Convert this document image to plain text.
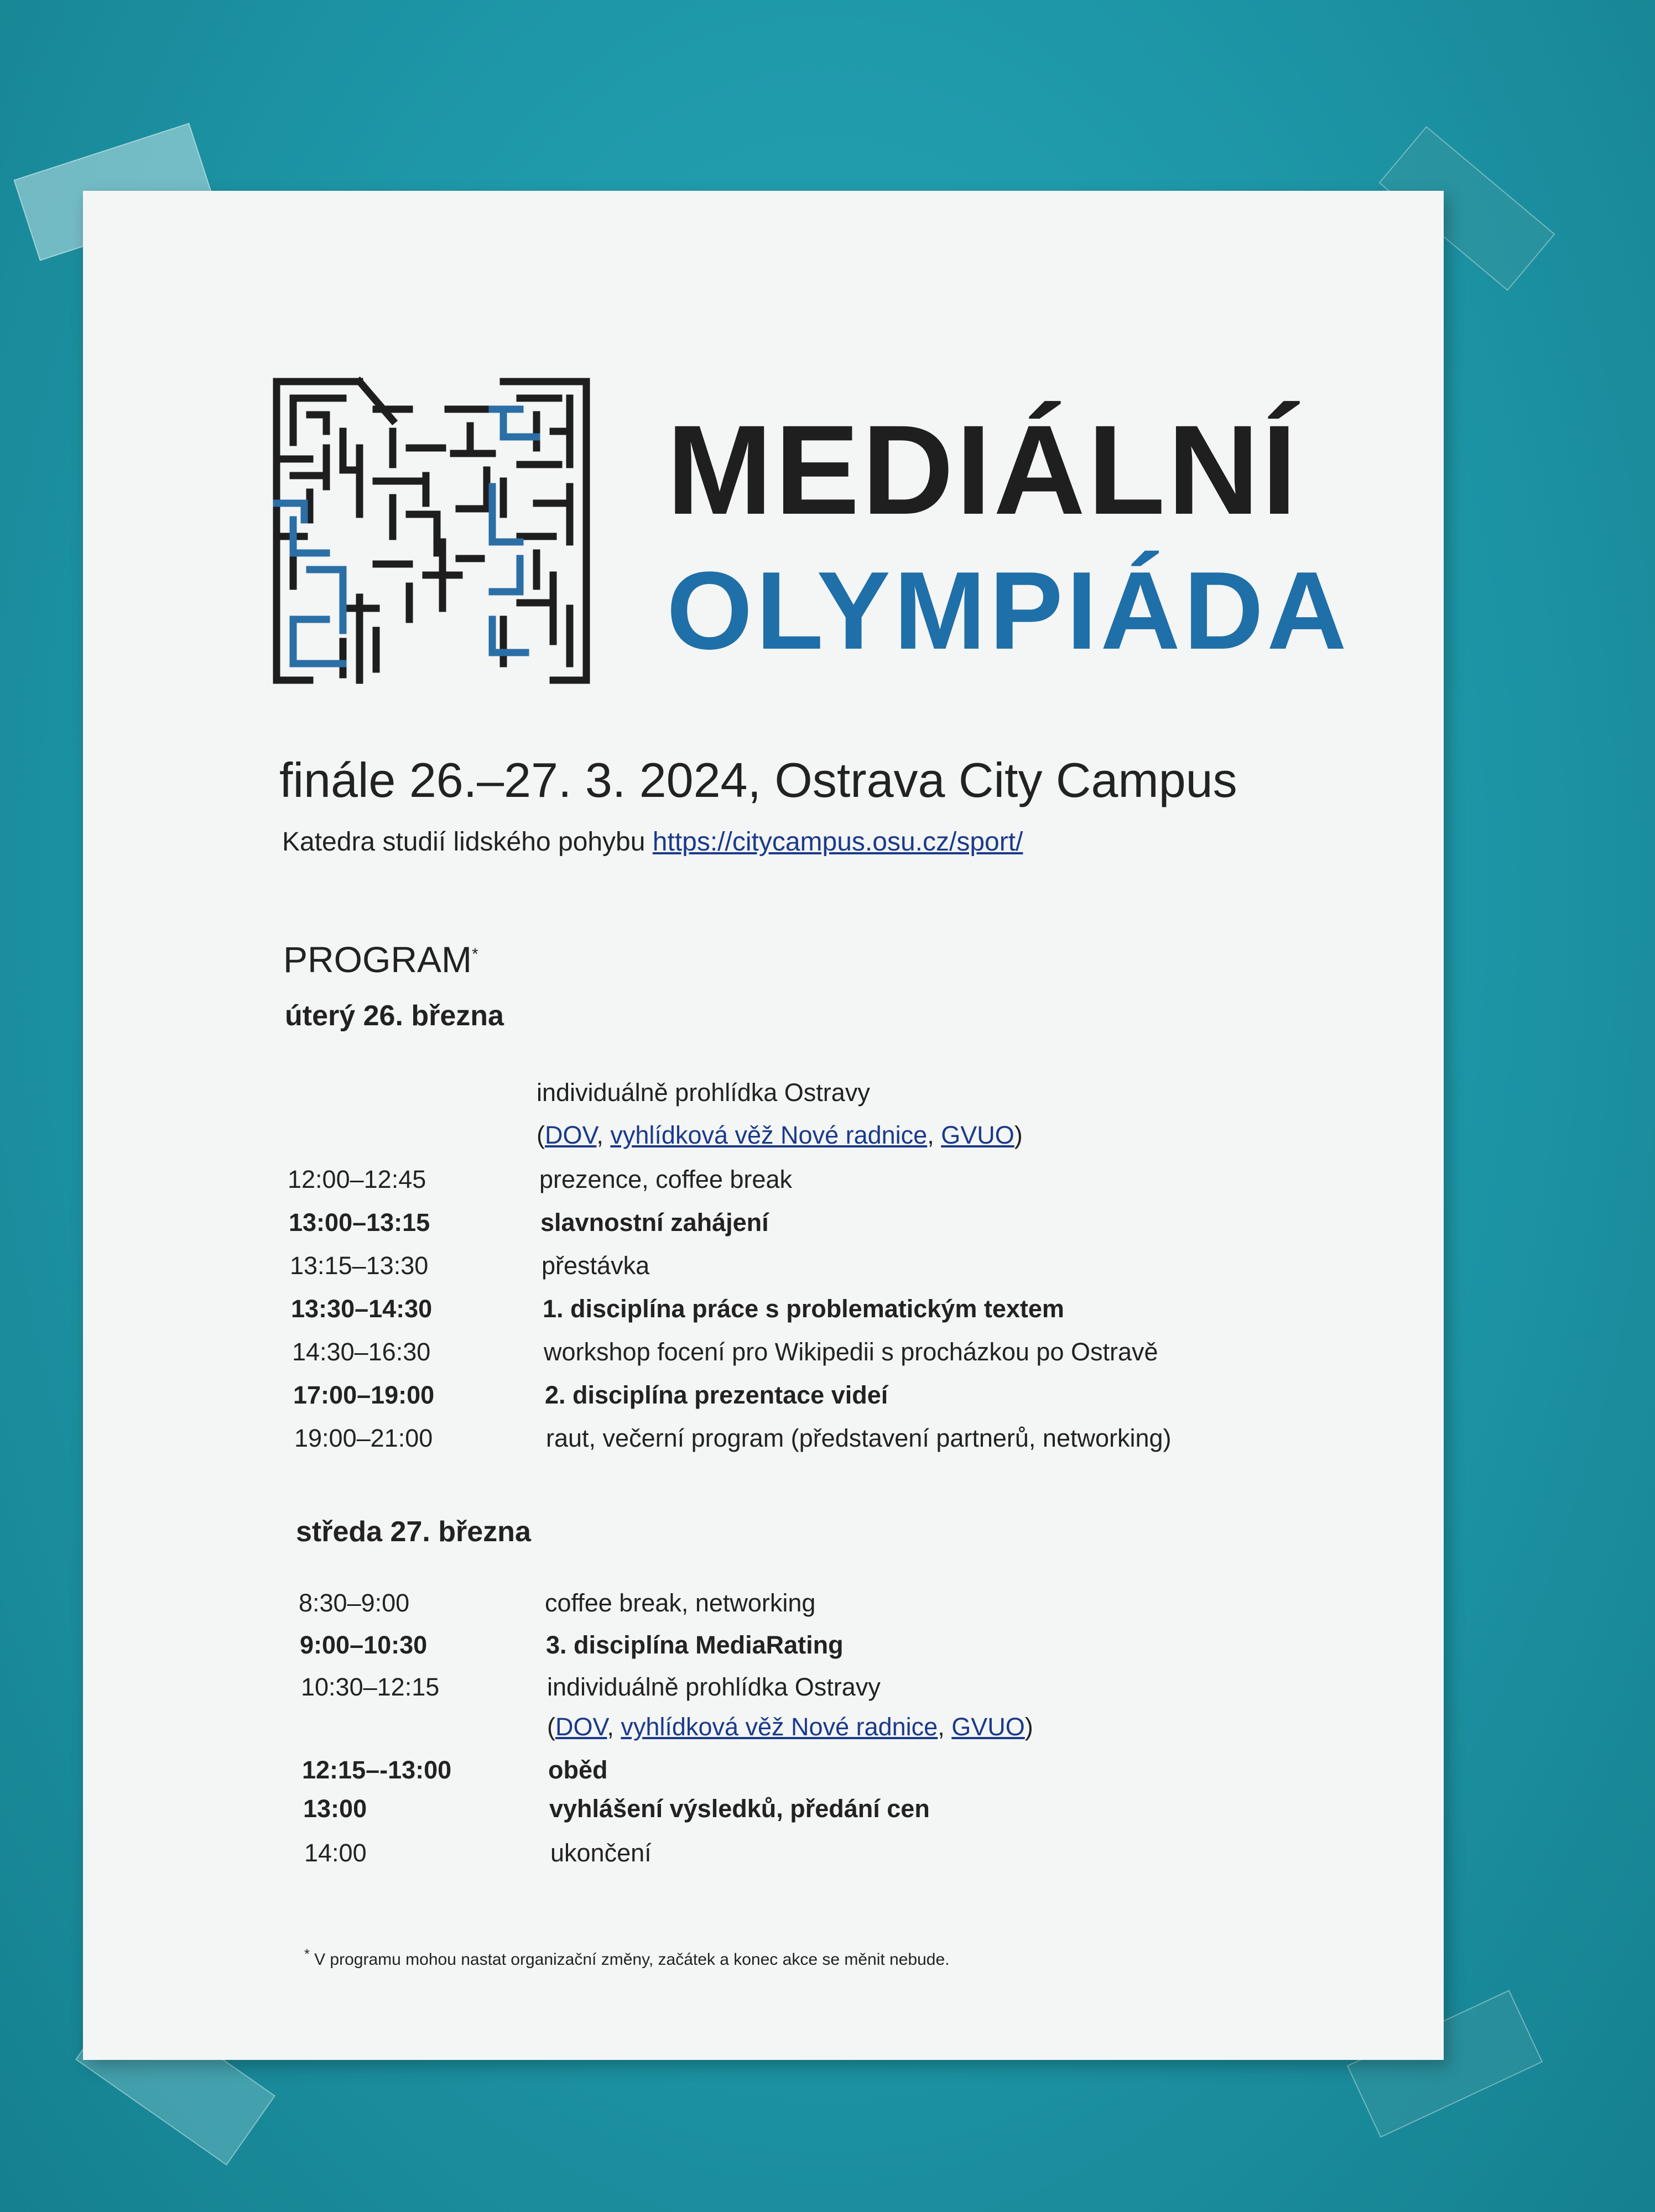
MEDIÁLNÍ
OLYMPIÁDA
finále 26.–27. 3. 2024, Ostrava City Campus
Katedra studií lidského pohybu https://citycampus.osu.cz/sport/
PROGRAM*
úterý 26. března
individuálně prohlídka Ostravy
(DOV, vyhlídková věž Nové radnice, GVUO)
12:00–12:45	prezence, coffee break
13:00–13:15	slavnostní zahájení
13:15–13:30	přestávka
13:30–14:30	1. disciplína práce s problematickým textem
14:30–16:30	workshop focení pro Wikipedii s procházkou po Ostravě
17:00–19:00	2. disciplína prezentace videí
19:00–21:00	raut, večerní program (představení partnerů, networking)
středa 27. března
8:30–9:00	coffee break, networking
9:00–10:30	3. disciplína MediaRating
10:30–12:15	individuálně prohlídka Ostravy
(DOV, vyhlídková věž Nové radnice, GVUO)
12:15–-13:00	oběd
13:00	vyhlášení výsledků, předání cen
14:00	ukončení
* V programu mohou nastat organizační změny, začátek a konec akce se měnit nebude.
